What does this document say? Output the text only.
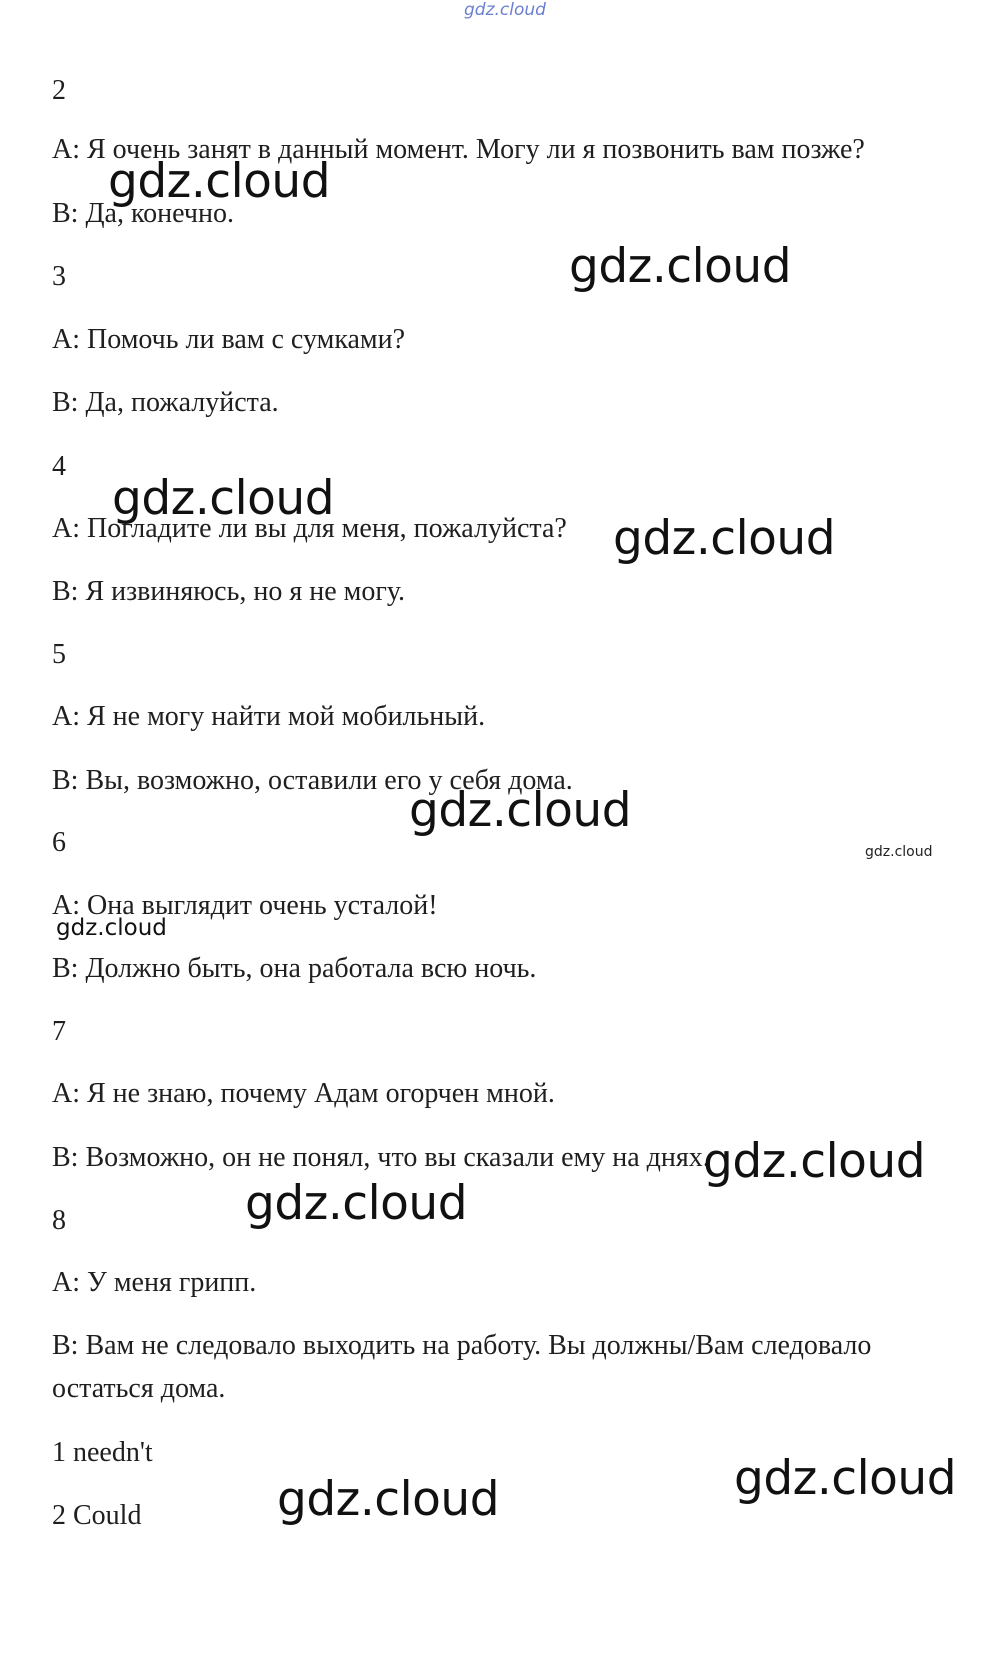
gdz.cloud
2
A: Я очень занят в данный момент. Могу ли я позвонить вам позже?
B: Да, конечно.
3
A: Помочь ли вам с сумками?
B: Да, пожалуйста.
4
A: Погладите ли вы для меня, пожалуйста?
B: Я извиняюсь, но я не могу.
5
A: Я не могу найти мой мобильный.
B: Вы, возможно, оставили его у себя дома.
6
A: Она выглядит очень усталой!
B: Должно быть, она работала всю ночь.
7
A: Я не знаю, почему Адам огорчен мной.
B: Возможно, он не понял, что вы сказали ему на днях.
8
A: У меня грипп.
B: Вам не следовало выходить на работу. Вы должны/Вам следовало
остаться дома.
1 needn't
2 Could
gdz.cloud
gdz.cloud
gdz.cloud
gdz.cloud
gdz.cloud
gdz.cloud
gdz.cloud
gdz.cloud
gdz.cloud
gdz.cloud
gdz.cloud
